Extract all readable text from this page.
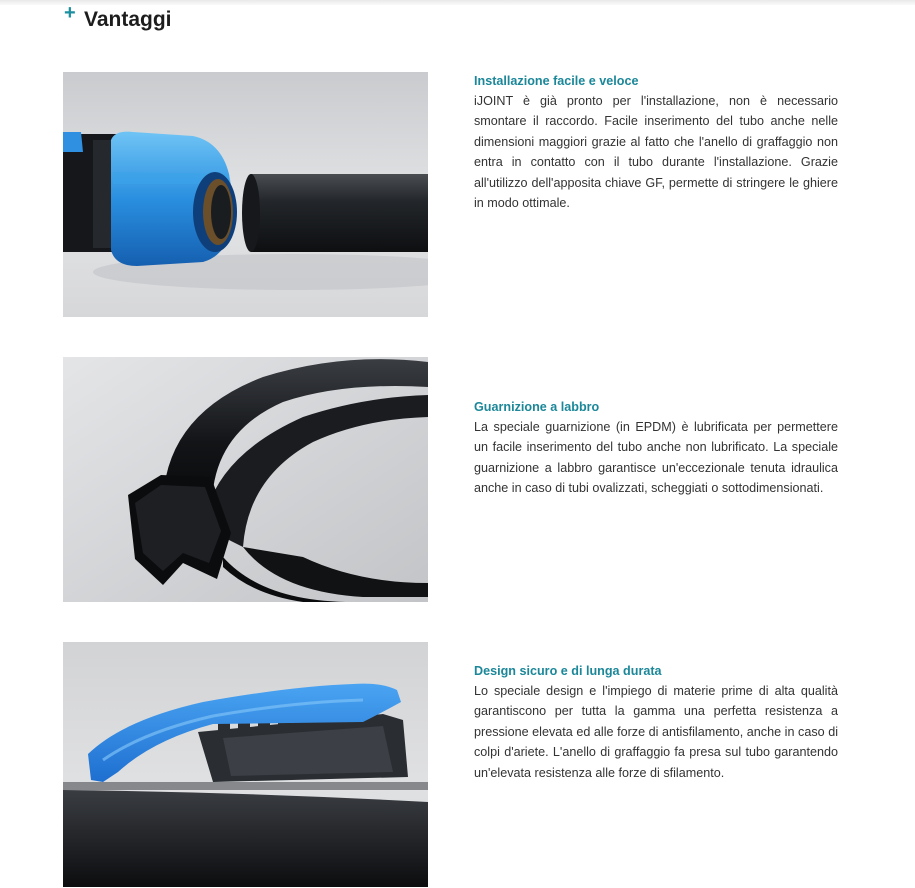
+ Vantaggi
Installazione facile e veloce

iJOINT è già pronto per l'installazione, non è necessario smontare il raccordo. Facile inserimento del tubo anche nelle dimensioni maggiori grazie al fatto che l'anello di graffaggio non entra in contatto con il tubo durante l'installazione. Grazie all'utilizzo dell'apposita chiave GF, permette di stringere le ghiere in modo ottimale.

Guarnizione a labbro

La speciale guarnizione (in EPDM) è lubrificata per permettere un facile inserimento del tubo anche non lubrificato. La speciale guarnizione a labbro garantisce un'eccezionale tenuta idraulica anche in caso di tubi ovalizzati, scheggiati o sottodimensionati.

Design sicuro e di lunga durata

Lo speciale design e l'impiego di materie prime di alta qualità garantiscono per tutta la gamma una perfetta resistenza a pressione elevata ed alle forze di antisfilamento, anche in caso di colpi d'ariete. L'anello di graffaggio fa presa sul tubo garantendo un'elevata resistenza alle forze di sfilamento.
